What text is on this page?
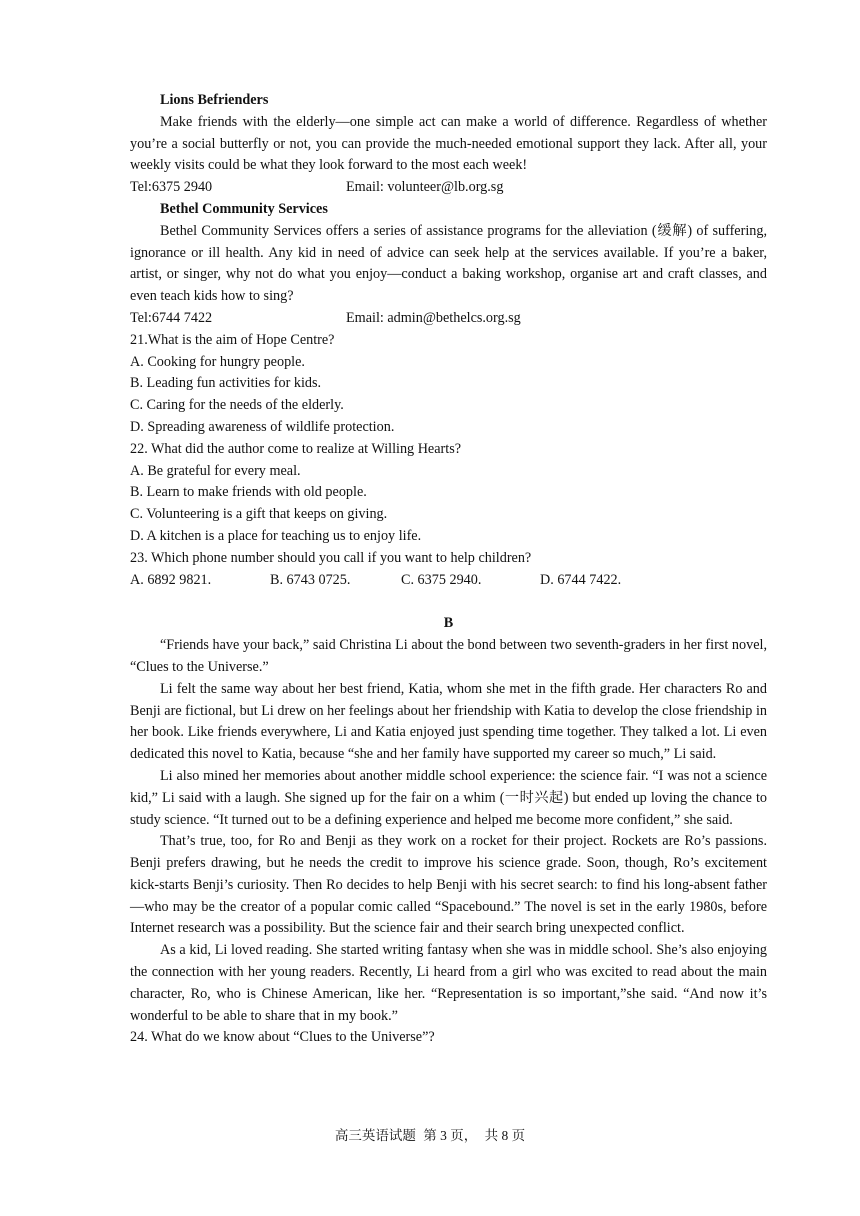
Lions Befrienders

Make friends with the elderly—one simple act can make a world of difference. Regardless of whether you’re a social butterfly or not, you can provide the much-needed emotional support they lack. After all, your weekly visits could be what they look forward to the most each week!

Tel:6375 2940	Email: volunteer@lb.org.sg

Bethel Community Services

Bethel Community Services offers a series of assistance programs for the alleviation (缓解) of suffering, ignorance or ill health. Any kid in need of advice can seek help at the services available. If you’re a baker, artist, or singer, why not do what you enjoy—conduct a baking workshop, organise art and craft classes, and even teach kids how to sing?

Tel:6744 7422	Email: admin@bethelcs.org.sg

21.What is the aim of Hope Centre?

A. Cooking for hungry people.

B. Leading fun activities for kids.

C. Caring for the needs of the elderly.

D. Spreading awareness of wildlife protection.

22. What did the author come to realize at Willing Hearts?

A. Be grateful for every meal.

B. Learn to make friends with old people.

C. Volunteering is a gift that keeps on giving.

D. A kitchen is a place for teaching us to enjoy life.

23. Which phone number should you call if you want to help children?

A. 6892 9821.	B. 6743 0725.	C. 6375 2940.	D. 6744 7422.

B

“Friends have your back,” said Christina Li about the bond between two seventh-graders in her first novel, “Clues to the Universe.”

Li felt the same way about her best friend, Katia, whom she met in the fifth grade. Her characters Ro and Benji are fictional, but Li drew on her feelings about her friendship with Katia to develop the close friendship in her book. Like friends everywhere, Li and Katia enjoyed just spending time together. They talked a lot. Li even dedicated this novel to Katia, because “she and her family have supported my career so much,” Li said.

Li also mined her memories about another middle school experience: the science fair. “I was not a science kid,” Li said with a laugh. She signed up for the fair on a whim (一时兴起) but ended up loving the chance to study science. “It turned out to be a defining experience and helped me become more confident,” she said.

That’s true, too, for Ro and Benji as they work on a rocket for their project. Rockets are Ro’s passions. Benji prefers drawing, but he needs the credit to improve his science grade. Soon, though, Ro’s excitement kick-starts Benji’s curiosity. Then Ro decides to help Benji with his secret search: to find his long-absent father—who may be the creator of a popular comic called “Spacebound.” The novel is set in the early 1980s, before Internet research was a possibility. But the science fair and their search bring unexpected conflict.

As a kid, Li loved reading. She started writing fantasy when she was in middle school. She’s also enjoying the connection with her young readers. Recently, Li heard from a girl who was excited to read about the main character, Ro, who is Chinese American, like her. “Representation is so important,”she said. “And now it’s wonderful to be able to share that in my book.”

24. What do we know about “Clues to the Universe”?

高三英语试题 第 3 页， 共 8 页
